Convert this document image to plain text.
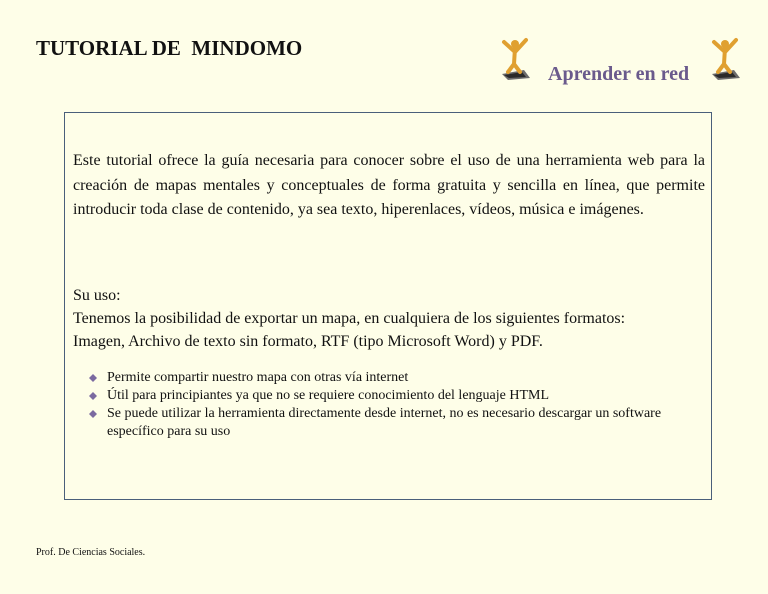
TUTORIAL DE  MINDOMO
Aprender en red

Este tutorial ofrece la guía necesaria para conocer sobre el uso de una herramienta web para la creación de mapas mentales y conceptuales de forma gratuita y sencilla en línea, que permite introducir toda clase de contenido, ya sea texto, hiperenlaces, vídeos, música e imágenes.

Su uso:

Tenemos la posibilidad de exportar un mapa, en cualquiera de los siguientes formatos:
Imagen, Archivo de texto sin formato, RTF (tipo Microsoft Word) y PDF.
Permite compartir nuestro mapa con otras vía internet
Útil para principiantes ya que no se requiere conocimiento del lenguaje HTML
Se puede utilizar la herramienta directamente desde internet, no es necesario descargar un software específico para su uso
Prof. De Ciencias Sociales.
